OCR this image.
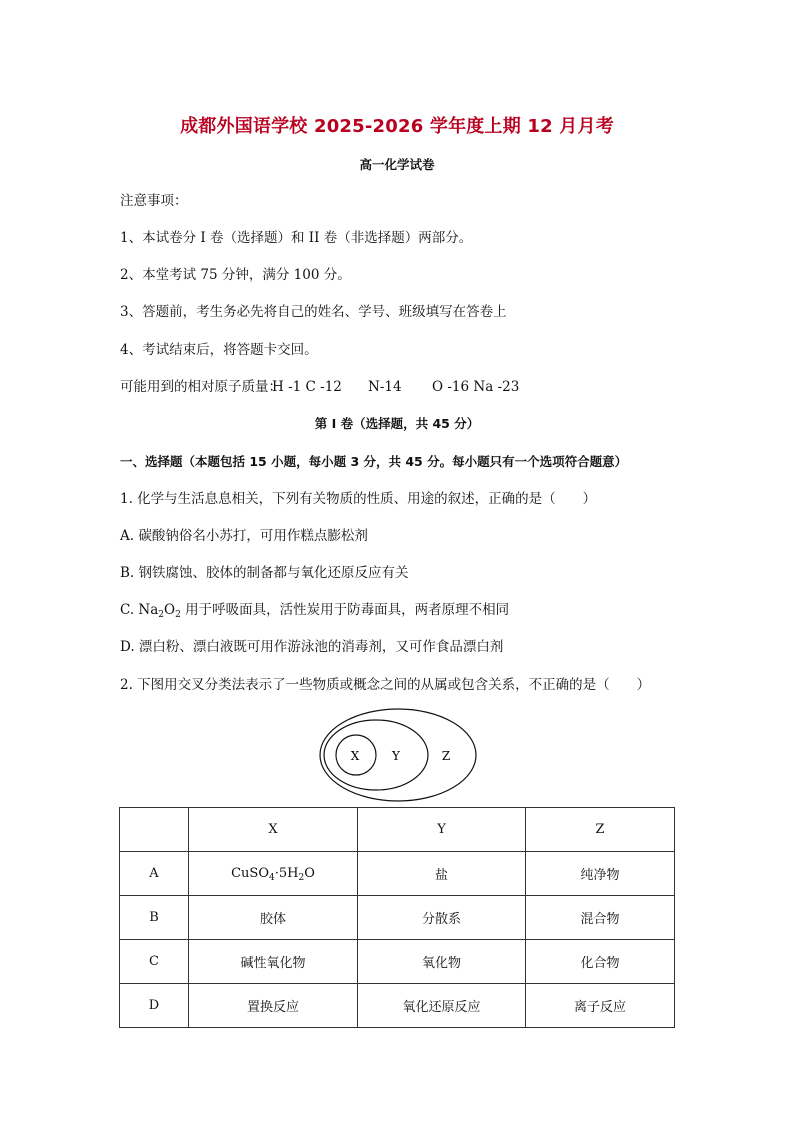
成都外国语学校 2025-2026 学年度上期 12 月月考
高一化学试卷
注意事项：
1、本试卷分 I 卷（选择题）和 II 卷（非选择题）两部分。
2、本堂考试 75 分钟，满分 100 分。
3、答题前，考生务必先将自己的姓名、学号、班级填写在答卷上
4、考试结束后，将答题卡交回。
可能用到的相对原子质量：H -1 C -12 N-14 O -16 Na -23
第 I 卷（选择题，共 45 分）
一、选择题（本题包括 15 小题，每小题 3 分，共 45 分。每小题只有一个选项符合题意）
1. 化学与生活息息相关，下列有关物质的性质、用途的叙述，正确的是（　　）
A. 碳酸钠俗名小苏打，可用作糕点膨松剂
B. 钢铁腐蚀、胶体的制备都与氧化还原反应有关
C. $Na_2O_2$ 用于呼吸面具，活性炭用于防毒面具，两者原理不相同
D. 漂白粉、漂白液既可用作游泳池的消毒剂，又可作食品漂白剂
2. 下图用交叉分类法表示了一些物质或概念之间的从属或包含关系，不正确的是（　　）
X	Y	Z
	X	Y	Z
A	$CuSO_4\cdot 5H_2O$	盐	纯净物
B	胶体	分散系	混合物
C	碱性氧化物	氧化物	化合物
D	置换反应	氧化还原反应	离子反应
